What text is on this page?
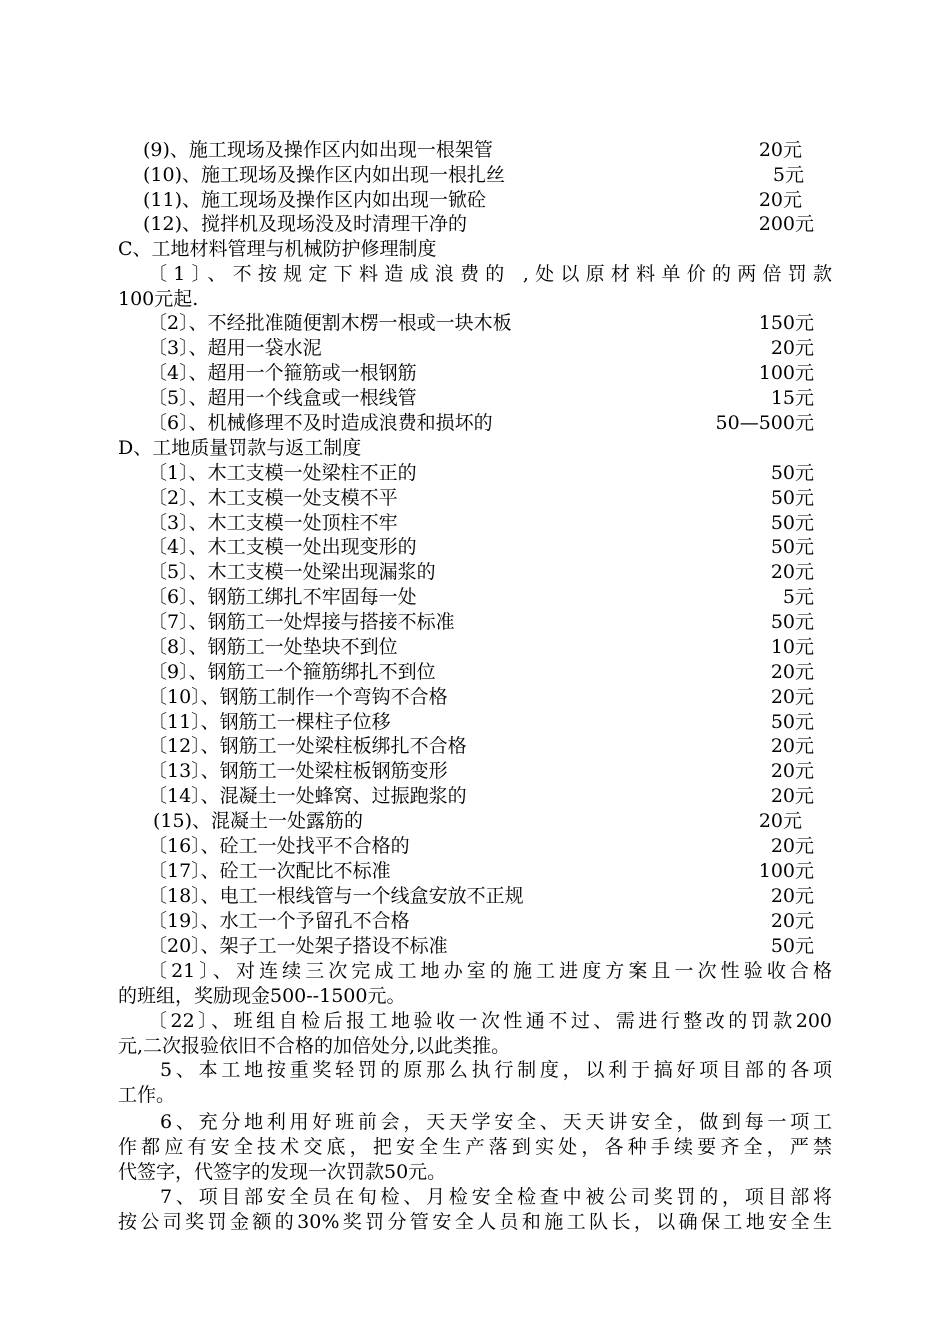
(9)、施工现场及操作区内如出现一根架管	20元
(10)、施工现场及操作区内如出现一根扎丝	5元
(11)、施工现场及操作区内如出现一锨砼	20元
(12)、搅拌机及现场没及时清理干净的	200元
C、工地材料管理与机械防护修理制度
〔1〕、不按规定下料造成浪费的 ,处以原材料单价的两倍罚款
100元起.
〔2〕、不经批准随便割木楞一根或一块木板	150元
〔3〕、超用一袋水泥	20元
〔4〕、超用一个箍筋或一根钢筋	100元
〔5〕、超用一个线盒或一根线管	15元
〔6〕、机械修理不及时造成浪费和损坏的	50—500元
D、工地质量罚款与返工制度
〔1〕、木工支模一处梁柱不正的	50元
〔2〕、木工支模一处支模不平	50元
〔3〕、木工支模一处顶柱不牢	50元
〔4〕、木工支模一处出现变形的	50元
〔5〕、木工支模一处梁出现漏浆的	20元
〔6〕、钢筋工绑扎不牢固每一处	5元
〔7〕、钢筋工一处焊接与搭接不标准	50元
〔8〕、钢筋工一处垫块不到位	10元
〔9〕、钢筋工一个箍筋绑扎不到位	20元
〔10〕、钢筋工制作一个弯钩不合格	20元
〔11〕、钢筋工一棵柱子位移	50元
〔12〕、钢筋工一处梁柱板绑扎不合格	20元
〔13〕、钢筋工一处梁柱板钢筋变形	20元
〔14〕、混凝土一处蜂窝、过振跑浆的	20元
(15)、混凝土一处露筋的	20元
〔16〕、砼工一处找平不合格的	20元
〔17〕、砼工一次配比不标准	100元
〔18〕、电工一根线管与一个线盒安放不正规	20元
〔19〕、水工一个予留孔不合格	20元
〔20〕、架子工一处架子搭设不标准	50元
〔21〕、对连续三次完成工地办室的施工进度方案且一次性验收合格
的班组，奖励现金500--1500元。
〔22〕、班组自检后报工地验收一次性通不过、需进行整改的罚款200
元,二次报验依旧不合格的加倍处分,以此类推。
5、本工地按重奖轻罚的原那么执行制度，以利于搞好项目部的各项
工作。
6、充分地利用好班前会，天天学安全、天天讲安全，做到每一项工
作都应有安全技术交底，把安全生产落到实处，各种手续要齐全，严禁
代签字，代签字的发现一次罚款50元。
7、项目部安全员在旬检、月检安全检查中被公司奖罚的，项目部将
按公司奖罚金额的30%奖罚分管安全人员和施工队长，以确保工地安全生
